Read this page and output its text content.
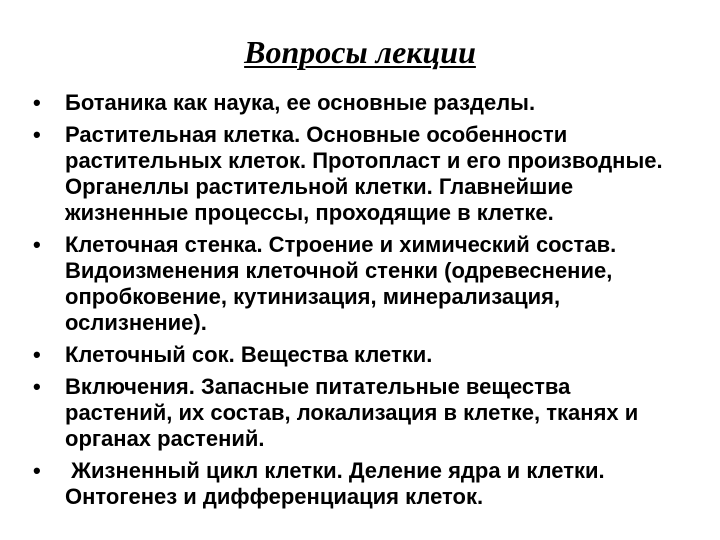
Вопросы лекции
• Ботаника как наука, ее основные разделы.
• Растительная клетка. Основные особенности
растительных клеток. Протопласт и его производные.
Органеллы растительной клетки. Главнейшие
жизненные процессы, проходящие в клетке.
• Клеточная стенка. Строение и химический состав.
Видоизменения клеточной стенки (одревеснение,
опробковение, кутинизация, минерализация,
ослизнение).
• Клеточный сок. Вещества клетки.
• Включения. Запасные питательные вещества
растений, их состав, локализация в клетке, тканях и
органах растений.
• Жизненный цикл клетки. Деление ядра и клетки.
Онтогенез и дифференциация клеток.
